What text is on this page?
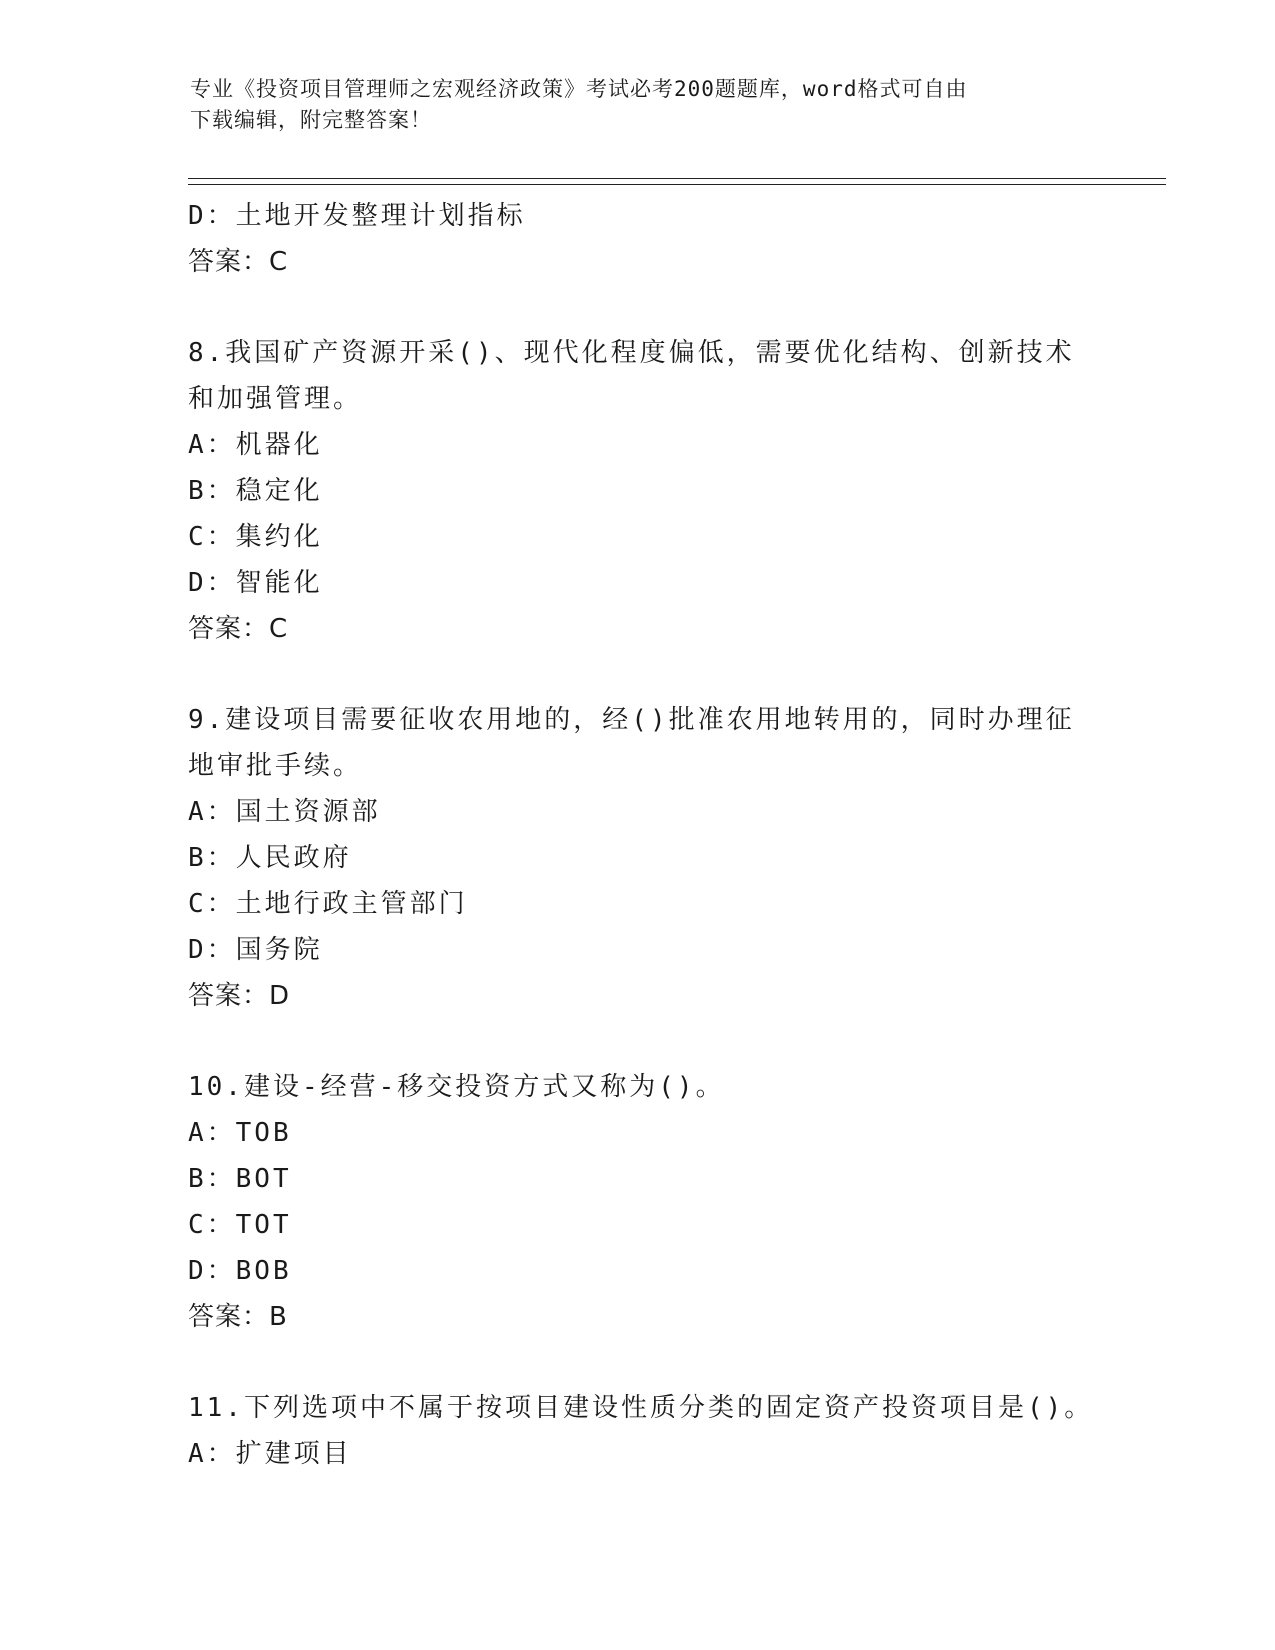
专业《投资项目管理师之宏观经济政策》考试必考200题题库，word格式可自由
下载编辑，附完整答案！
D：土地开发整理计划指标
答案：C
8.我国矿产资源开采()、现代化程度偏低，需要优化结构、创新技术
和加强管理。
A：机器化
B：稳定化
C：集约化
D：智能化
答案：C
9.建设项目需要征收农用地的，经()批准农用地转用的，同时办理征
地审批手续。
A：国土资源部
B：人民政府
C：土地行政主管部门
D：国务院
答案：D
10.建设-经营-移交投资方式又称为()。
A：TOB
B：BOT
C：TOT
D：BOB
答案：B
11.下列选项中不属于按项目建设性质分类的固定资产投资项目是()。
A：扩建项目
